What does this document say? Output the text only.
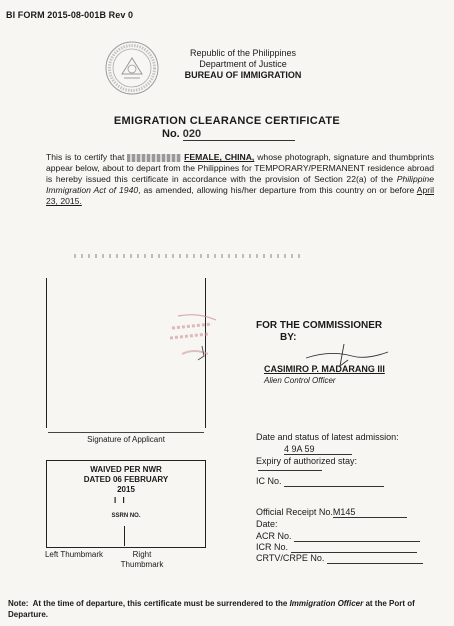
BI FORM 2015-08-001B Rev 0
Republic of the Philippines
Department of Justice
BUREAU OF IMMIGRATION
EMIGRATION CLEARANCE CERTIFICATE
No. 020
This is to certify that	FEMALE, CHINA, whose photograph, signature and thumbprints appear below, about to depart from the Philippines for TEMPORARY/PERMANENT residence abroad is hereby issued this certificate in accordance with the provision of Section 22(a) of the Philippine Immigration Act of 1940, as amended, allowing his/her departure from this country on or before April 23, 2015.
Signature of Applicant
FOR THE COMMISSIONER
BY:
CASIMIRO P. MADARANG III
Alien Control Officer
Date and status of latest admission:
4 9A 59
Expiry of authorized stay:
IC No.
Official Receipt No.M145
Date:
ACR No.
ICR No.
CRTV/CRPE No.
WAIVED PER NWR
DATED 06 FEBRUARY
2015
I I
SSRN NO.
Left Thumbmark	Right Thumbmark
Note: At the time of departure, this certificate must be surrendered to the Immigration Officer at the Port of Departure.
